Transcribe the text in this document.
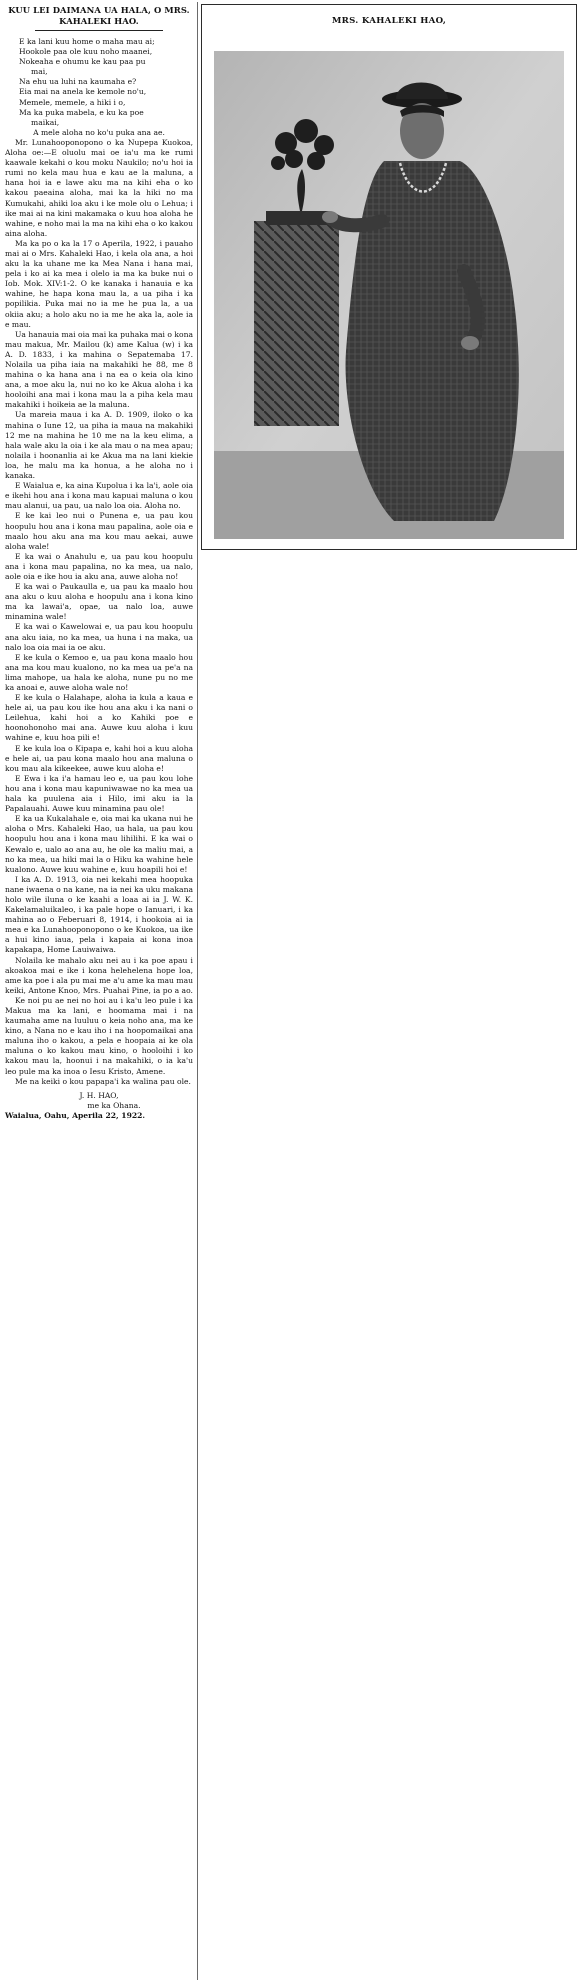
KUU LEI DAIMANA UA HALA, O MRS. KAHALEKI HAO.
E ka lani kuu home o maha mau ai;
Hookole paa ole kuu noho maanei,
Nokeaha e ohumu ke kau paa pu
mai,
Na ehu ua luhi na kaumaha e?
Eia mai na anela ke kemole no'u,
Memele, memele, a hiki i o,
Ma ka puka mabela, e ku ka poe
maikai,

A mele aloha no ko'u puka ana ae.

Mr. Lunahooponopono o ka Nupepa Kuokoa, Aloha oe:—E oluolu mai oe ia'u ma ke rumi kaawale kekahi o kou moku Naukilo; no'u hoi ia rumi no kela mau hua e kau ae la maluna, a hana hoi ia e lawe aku ma na kihi eha o ko kakou paeaina aloha, mai ka la hiki no ma Kumukahi, ahiki loa aku i ke mole olu o Lehua; i ike mai ai na kini makamaka o kuu hoa aloha he wahine, e noho mai la ma na kihi eha o ko kakou aina aloha.

Ma ka po o ka la 17 o Aperila, 1922, i pauaho mai ai o Mrs. Kahaleki Hao, i kela ola ana, a hoi aku la ka uhane me ka Mea Nana i hana mai, pela i ko ai ka mea i olelo ia ma ka buke nui o Iob. Mok. XIV:1-2. O ke kanaka i hanauia e ka wahine, he hapa kona mau la, a ua piha i ka popilikia. Puka mai no ia me he pua la, a ua okiia aku; a holo aku no ia me he aka la, aole ia e mau.

Ua hanauia mai oia mai ka puhaka mai o kona mau makua, Mr. Mailou (k) ame Kalua (w) i ka A. D. 1833, i ka mahina o Sepatemaba 17. Nolaila ua piha iaia na makahiki he 88, me 8 mahina o ka hana ana i na ea o keia ola kino ana, a moe aku la, nui no ko ke Akua aloha i ka hooloihi ana mai i kona mau la a piha kela mau makahiki i hoikeia ae la maluna.

Ua mareia maua i ka A. D. 1909, iloko o ka mahina o Iune 12, ua piha ia maua na makahiki 12 me na mahina he 10 me na la keu elima, a hala wale aku la oia i ke ala mau o na mea apau; nolaila i hoonanlia ai ke Akua ma na lani kiekie loa, he malu ma ka honua, a he aloha no i kanaka.

E Waialua e, ka aina Kupolua i ka la'i, aole oia e ikehi hou ana i kona mau kapuai maluna o kou mau alanui, ua pau, ua nalo loa oia. Aloha no.

E ke kai leo nui o Punena e, ua pau kou hoopulu hou ana i kona mau papalina, aole oia e maalo hou aku ana ma kou mau aekai, auwe aloha wale!

E ka wai o Anahulu e, ua pau kou hoopulu ana i kona mau papalina, no ka mea, ua nalo, aole oia e ike hou ia aku ana, auwe aloha no!

E ka wai o Paukaulla e, ua pau ka maalo hou ana aku o kuu aloha e hoopulu ana i kona kino ma ka lawai'a, opae, ua nalo loa, auwe minamina wale!

E ka wai o Kawelowai e, ua pau kou hoopulu ana aku iaia, no ka mea, ua huna i na maka, ua nalo loa oia mai ia oe aku.

E ke kula o Kemoo e, ua pau kona maalo hou ana ma kou mau kualono, no ka mea ua pe'a na lima mahope, ua hala ke aloha, nune pu no me ka anoai e, auwe aloha wale no!

E ke kula o Halahape, aloha ia kula a kaua e hele ai, ua pau kou ike hou ana aku i ka nani o Leilehua, kahi hoi a ko Kahiki poe e hoonohonoho mai ana. Auwe kuu aloha i kuu wahine e, kuu hoa pili e!

E ke kula loa o Kipapa e, kahi hoi a kuu aloha e hele ai, ua pau kona maalo hou ana maluna o kou mau ala kikeekee, auwe kuu aloha e!

E Ewa i ka i'a hamau leo e, ua pau kou lohe hou ana i kona mau kapuniwawae no ka mea ua hala ka puulena aia i Hilo, imi aku ia la Papalauahi. Auwe kuu minamina pau ole!

E ka ua Kukalahale e, oia mai ka ukana nui he aloha o Mrs. Kahaleki Hao, ua hala, ua pau kou hoopulu hou ana i kona mau lihilihi. E ka wai o Kewalo e, ualo ao ana au, he ole ka maliu mai, a no ka mea, ua hiki mai la o Hiku ka wahine hele kualono. Auwe kuu wahine e, kuu hoapili hoi e!

I ka A. D. 1913, oia nei kekahi mea hoopuka nane iwaena o na kane, na ia nei ka uku makana holo wile iluna o ke kaahi a loaa ai ia J. W. K. Kakelamaluikaleo, i ka pale hope o Ianuari, i ka mahina ao o Feberuari 8, 1914, i hookoia ai ia mea e ka Lunahooponopono o ke Kuokoa, ua ike a hui kino iaua, pela i kapaia ai kona inoa kapakapa, Home Lauiwaiwa.

Nolaila ke mahalo aku nei au i ka poe apau i akoakoa mai e ike i kona helehelena hope loa, ame ka poe i ala pu mai me a'u ame ka mau mau keiki, Antone Knoo, Mrs. Puahai Pine, ia po a ao.

Ke noi pu ae nei no hoi au i ka'u leo pule i ka Makua ma ka lani, e hoomama mai i na kaumaha ame na luuluu o keia noho ana, ma ke kino, a Nana no e kau iho i na hoopomaikai ana maluna iho o kakou, a pela e hoopaia ai ke ola maluna o ko kakou mau kino, o hooloihi i ko kakou mau la, hoonui i na makahiki, o ia ka'u leo pule ma ka inoa o Iesu Kristo, Amene.

Me na keiki o kou papapa'i ka walina pau ole.

J. H. HAO,
me ka Ohana.
Waialua, Oahu, Aperila 22, 1922.
MRS. KAHALEKI HAO,
